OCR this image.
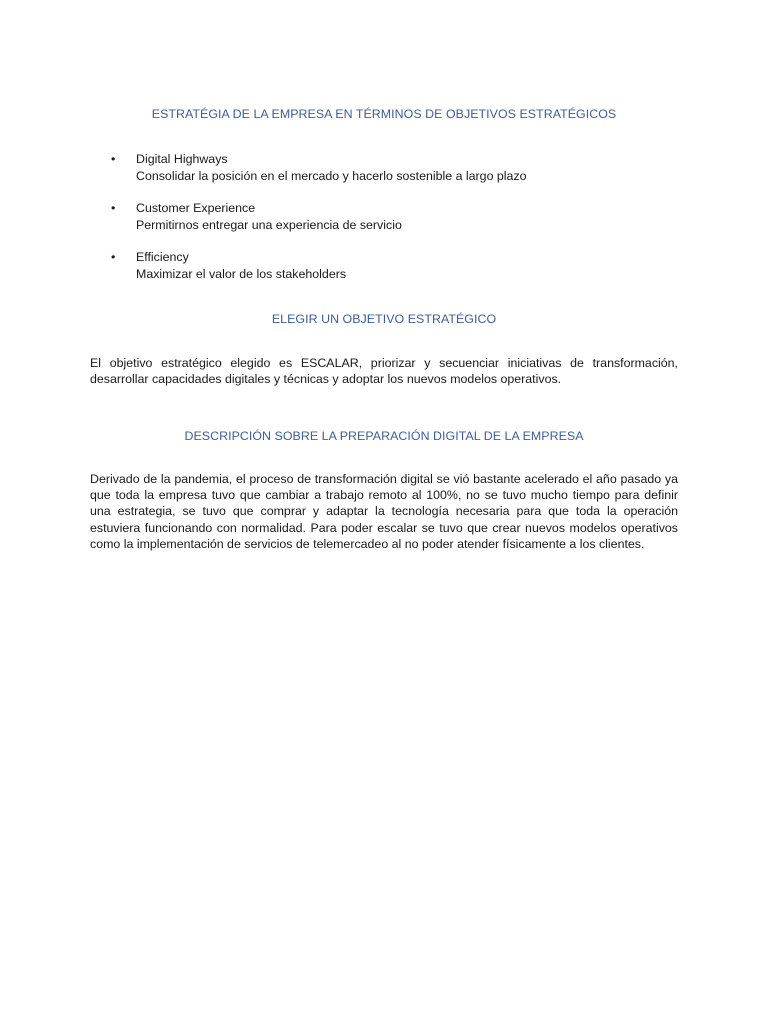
ESTRATÉGIA DE LA EMPRESA EN TÉRMINOS DE OBJETIVOS ESTRATÉGICOS
• Digital Highways
Consolidar la posición en el mercado y hacerlo sostenible a largo plazo
• Customer Experience
Permitirnos entregar una experiencia de servicio
• Efficiency
Maximizar el valor de los stakeholders
ELEGIR UN OBJETIVO ESTRATÉGICO

El objetivo estratégico elegido es ESCALAR, priorizar y secuenciar iniciativas de transformación, desarrollar capacidades digitales y técnicas y adoptar los nuevos modelos operativos.

DESCRIPCIÓN SOBRE LA PREPARACIÓN DIGITAL DE LA EMPRESA

Derivado de la pandemia, el proceso de transformación digital se vió bastante acelerado el año pasado ya que toda la empresa tuvo que cambiar a trabajo remoto al 100%, no se tuvo mucho tiempo para definir una estrategia, se tuvo que comprar y adaptar la tecnología necesaria para que toda la operación estuviera funcionando con normalidad. Para poder escalar se tuvo que crear nuevos modelos operativos como la implementación de servicios de telemercadeo al no poder atender físicamente a los clientes.
